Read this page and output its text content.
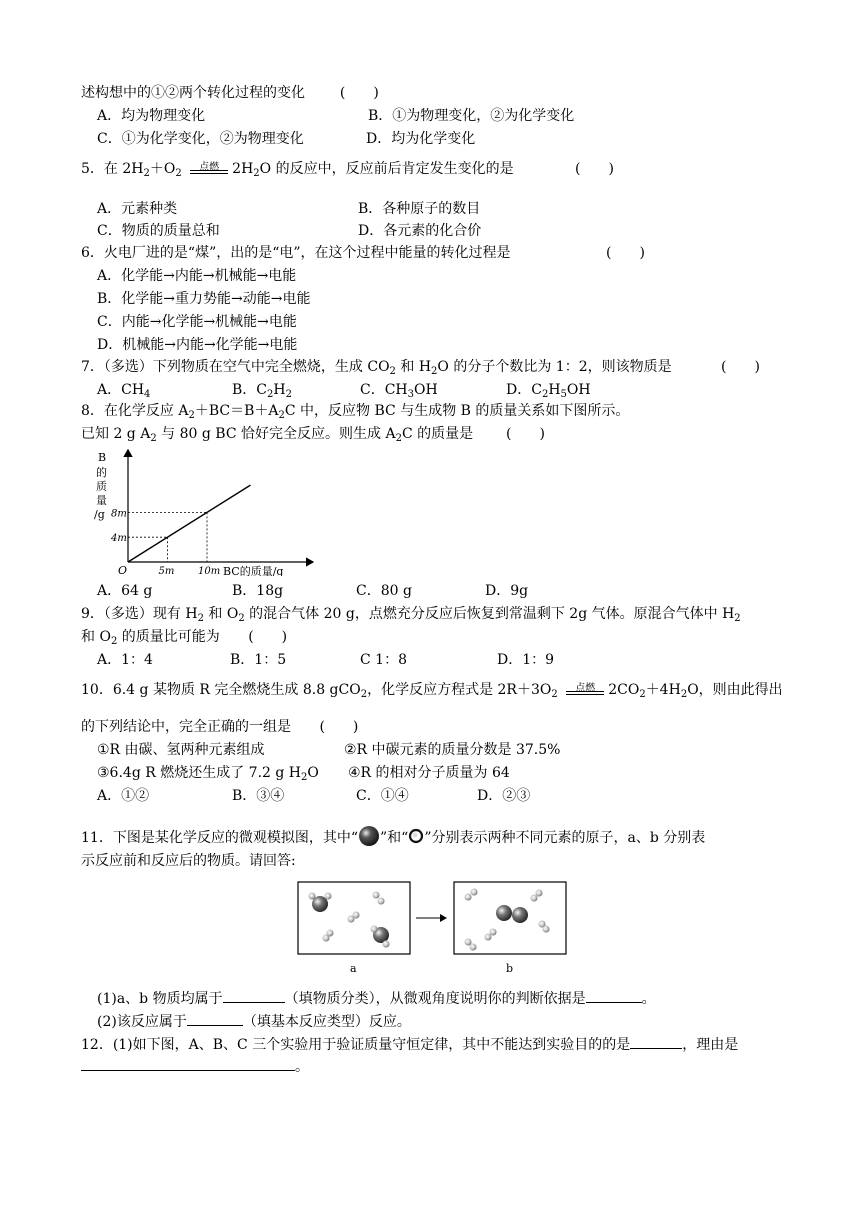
述构想中的①②两个转化过程的变化 (　　)
A．均为物理变化	B．①为物理变化，②为化学变化
C．①为化学变化，②为物理变化	D．均为化学变化
5．在 $2H_2+O_2$
点燃 $2H_2O$ 的反应中，反应前后肯定发生变化的是	(　　)
A．元素种类	B．各种原子的数目
C．物质的质量总和	D．各元素的化合价
6．火电厂进的是“煤”，出的是“电”，在这个过程中能量的转化过程是	(　　)
A．化学能→内能→机械能→电能
B．化学能→重力势能→动能→电能
C．内能→化学能→机械能→电能
D．机械能→内能→化学能→电能
7．（多选）下列物质在空气中完全燃烧，生成 $CO_2$ 和 $H_2O$ 的分子个数比为 1：2，则该物质是	(　　)
A．$CH_4$	B．$C_2H_2$	C．$CH_3OH$	D．$C_2H_5OH$
8．在化学反应 $A_2+BC=B+A_2C$ 中，反应物 BC 与生成物 B 的质量关系如下图所示。
已知 2 g $A_2$ 与 80 g BC 恰好完全反应。则生成 $A_2C$ 的质量是 (　　)
B
的
质
量
/g
5m
4m
10m
8m
O	BC的质量/g
A．64 g	B．18g	C．80 g	D．9g
9．（多选）现有 $H_2$ 和 $O_2$ 的混合气体 20 g，点燃充分反应后恢复到常温剩下 2g 气体。原混合气体中 $H_2$
和 $O_2$ 的质量比可能为 (　　)
A．1：4	B．1：5	C 1：8	D．1：9
10．6.4 g 某物质 R 完全燃烧生成 8.8 gCO$_2$，化学反应方程式是 $2R+3O_2$
点燃 $2CO_2+4H_2O$，则由此得出
的下列结论中，完全正确的一组是 (　　)
①R 由碳、氢两种元素组成	②R 中碳元素的质量分数是 37.5%
③6.4g R 燃烧还生成了 7.2 g $H_2O$ ④R 的相对分子质量为 64
A．①②	B．③④	C．①④	D．②③
11．下图是某化学反应的微观模拟图，其中“ ”和“ ”分别表示两种不同元素的原子，a、b 分别表
示反应前和反应后的物质。请回答:
a	b
(1)a、b 物质均属于	（填物质分类），从微观角度说明你的判断依据是	。
(2)该反应属于	（填基本反应类型）反应。
12．(1)如下图，A、B、C 三个实验用于验证质量守恒定律，其中不能达到实验目的的是	，理由是
。
